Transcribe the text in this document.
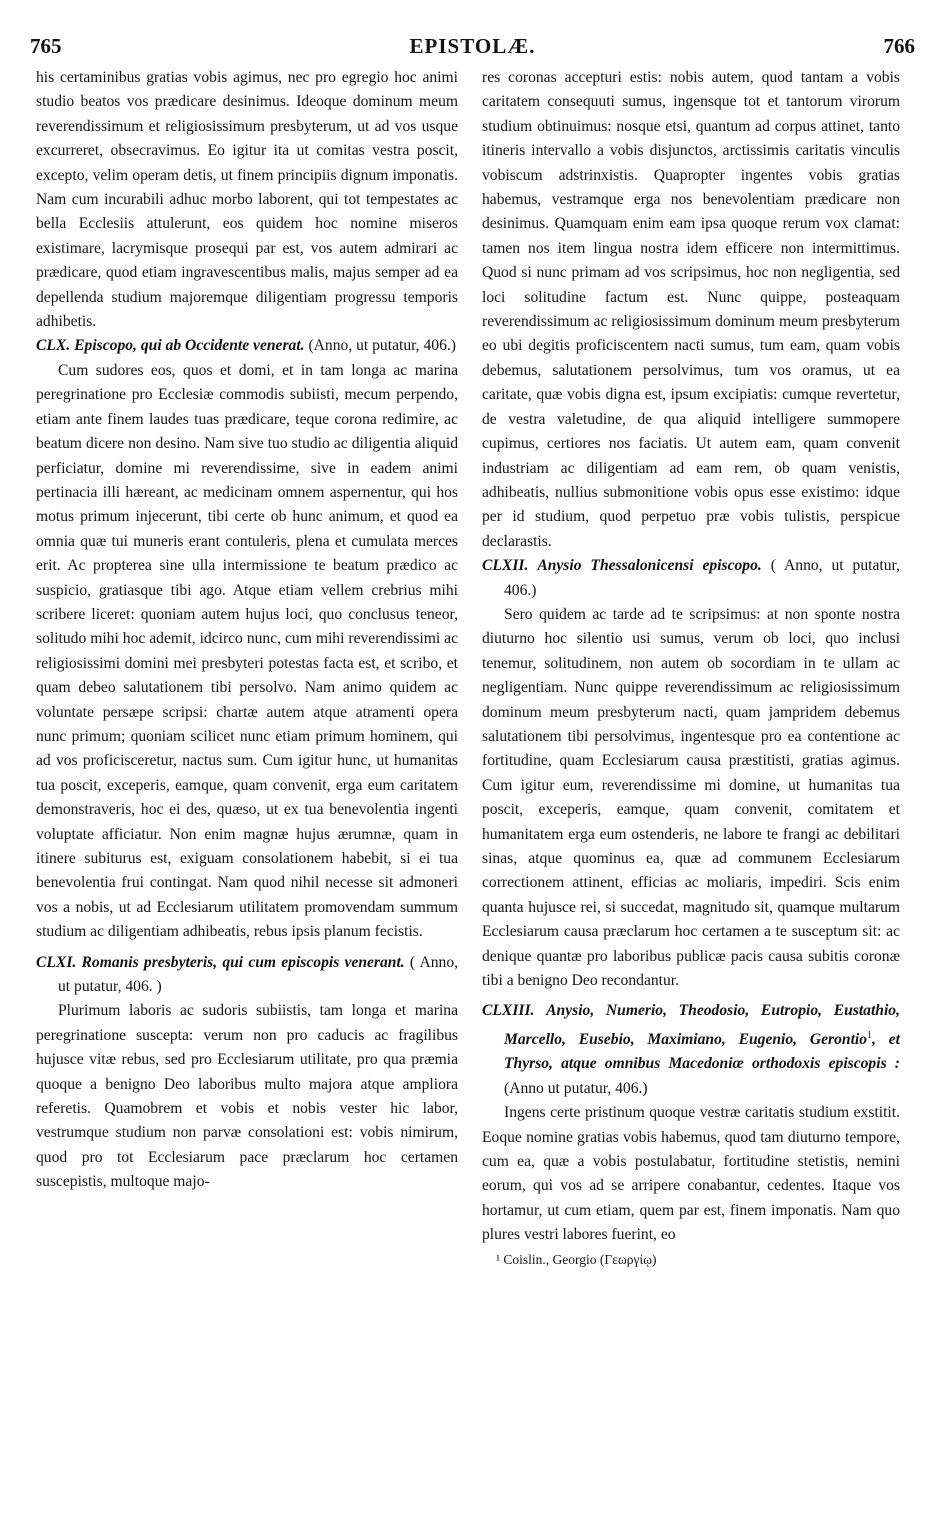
765	EPISTOLÆ.	766

his certaminibus gratias vobis agimus, nec pro egregio hoc animi studio beatos vos prædicare desinimus. Ideoque dominum meum reverendissimum et religiosissimum presbyterum, ut ad vos usque excurreret, obsecravimus. Eo igitur ita ut comitas vestra poscit, excepto, velim operam detis, ut finem principiis dignum imponatis. Nam cum incurabili adhuc morbo laborent, qui tot tempestates ac bella Ecclesiis attulerunt, eos quidem hoc nomine miseros existimare, lacrymisque prosequi par est, vos autem admirari ac prædicare, quod etiam ingravescentibus malis, majus semper ad ea depellenda studium majoremque diligentiam progressu temporis adhibetis.

CLX. Episcopo, qui ab Occidente venerat. (Anno, ut putatur, 406.)

Cum sudores eos, quos et domi, et in tam longa ac marina peregrinatione pro Ecclesiæ commodis subiisti, mecum perpendo, etiam ante finem laudes tuas prædicare, teque corona redimire, ac beatum dicere non desino. Nam sive tuo studio ac diligentia aliquid perficiatur, domine mi reverendissime, sive in eadem animi pertinacia illi hæreant, ac medicinam omnem aspernentur, qui hos motus primum injecerunt, tibi certe ob hunc animum, et quod ea omnia quæ tui muneris erant contuleris, plena et cumulata merces erit. Ac propterea sine ulla intermissione te beatum prædico ac suspicio, gratiasque tibi ago. Atque etiam vellem crebrius mihi scribere liceret: quoniam autem hujus loci, quo conclusus teneor, solitudo mihi hoc ademit, idcirco nunc, cum mihi reverendissimi ac religiosissimi domini mei presbyteri potestas facta est, et scribo, et quam debeo salutationem tibi persolvo. Nam animo quidem ac voluntate persæpe scripsi: chartæ autem atque atramenti opera nunc primum; quoniam scilicet nunc etiam primum hominem, qui ad vos proficisceretur, nactus sum. Cum igitur hunc, ut humanitas tua poscit, exceperis, eamque, quam convenit, erga eum caritatem demonstraveris, hoc ei des, quæso, ut ex tua benevolentia ingenti voluptate afficiatur. Non enim magnæ hujus ærumnæ, quam in itinere subiturus est, exiguam consolationem habebit, si ei tua benevolentia frui contingat. Nam quod nihil necesse sit admoneri vos a nobis, ut ad Ecclesiarum utilitatem promovendam summum studium ac diligentiam adhibeatis, rebus ipsis planum fecistis.

CLXI. Romanis presbyteris, qui cum episcopis venerant. ( Anno, ut putatur, 406. )

Plurimum laboris ac sudoris subiistis, tam longa et marina peregrinatione suscepta: verum non pro caducis ac fragilibus hujusce vitæ rebus, sed pro Ecclesiarum utilitate, pro qua præmia quoque a benigno Deo laboribus multo majora atque ampliora referetis. Quamobrem et vobis et nobis vester hic labor, vestrumque studium non parvæ consolationi est: vobis nimirum, quod pro tot Ecclesiarum pace præclarum hoc certamen suscepistis, multoque majo-

res coronas accepturi estis: nobis autem, quod tantam a vobis caritatem consequuti sumus, ingensque tot et tantorum virorum studium obtinuimus: nosque etsi, quantum ad corpus attinet, tanto itineris intervallo a vobis disjunctos, arctissimis caritatis vinculis vobiscum adstrinxistis. Quapropter ingentes vobis gratias habemus, vestramque erga nos benevolentiam prædicare non desinimus. Quamquam enim eam ipsa quoque rerum vox clamat: tamen nos item lingua nostra idem efficere non intermittimus. Quod si nunc primam ad vos scripsimus, hoc non negligentia, sed loci solitudine factum est. Nunc quippe, posteaquam reverendissimum ac religiosissimum dominum meum presbyterum eo ubi degitis proficiscentem nacti sumus, tum eam, quam vobis debemus, salutationem persolvimus, tum vos oramus, ut ea caritate, quæ vobis digna est, ipsum excipiatis: cumque revertetur, de vestra valetudine, de qua aliquid intelligere summopere cupimus, certiores nos faciatis. Ut autem eam, quam convenit industriam ac diligentiam ad eam rem, ob quam venistis, adhibeatis, nullius submonitione vobis opus esse existimo: idque per id studium, quod perpetuo præ vobis tulistis, perspicue declarastis.

CLXII. Anysio Thessalonicensi episcopo. ( Anno, ut putatur, 406.)

Sero quidem ac tarde ad te scripsimus: at non sponte nostra diuturno hoc silentio usi sumus, verum ob loci, quo inclusi tenemur, solitudinem, non autem ob socordiam in te ullam ac negligentiam. Nunc quippe reverendissimum ac religiosissimum dominum meum presbyterum nacti, quam jampridem debemus salutationem tibi persolvimus, ingentesque pro ea contentione ac fortitudine, quam Ecclesiarum causa præstitisti, gratias agimus. Cum igitur eum, reverendissime mi domine, ut humanitas tua poscit, exceperis, eamque, quam convenit, comitatem et humanitatem erga eum ostenderis, ne labore te frangi ac debilitari sinas, atque quominus ea, quæ ad communem Ecclesiarum correctionem attinent, efficias ac moliaris, impediri. Scis enim quanta hujusce rei, si succedat, magnitudo sit, quamque multarum Ecclesiarum causa præclarum hoc certamen a te susceptum sit: ac denique quantæ pro laboribus publicæ pacis causa subitis coronæ tibi a benigno Deo recondantur.

CLXIII. Anysio, Numerio, Theodosio, Eutropio, Eustathio, Marcello, Eusebio, Maximiano, Eugenio, Gerontio$^1$, et Thyrso, atque omnibus Macedoniæ orthodoxis episcopis : (Anno ut putatur, 406.)

Ingens certe pristinum quoque vestræ caritatis studium exstitit. Eoque nomine gratias vobis habemus, quod tam diuturno tempore, cum ea, quæ a vobis postulabatur, fortitudine stetistis, nemini eorum, qui vos ad se arripere conabantur, cedentes. Itaque vos hortamur, ut cum etiam, quem par est, finem imponatis. Nam quo plures vestri labores fuerint, eo

¹ Coislin., Georgio (Γεωργίῳ)
